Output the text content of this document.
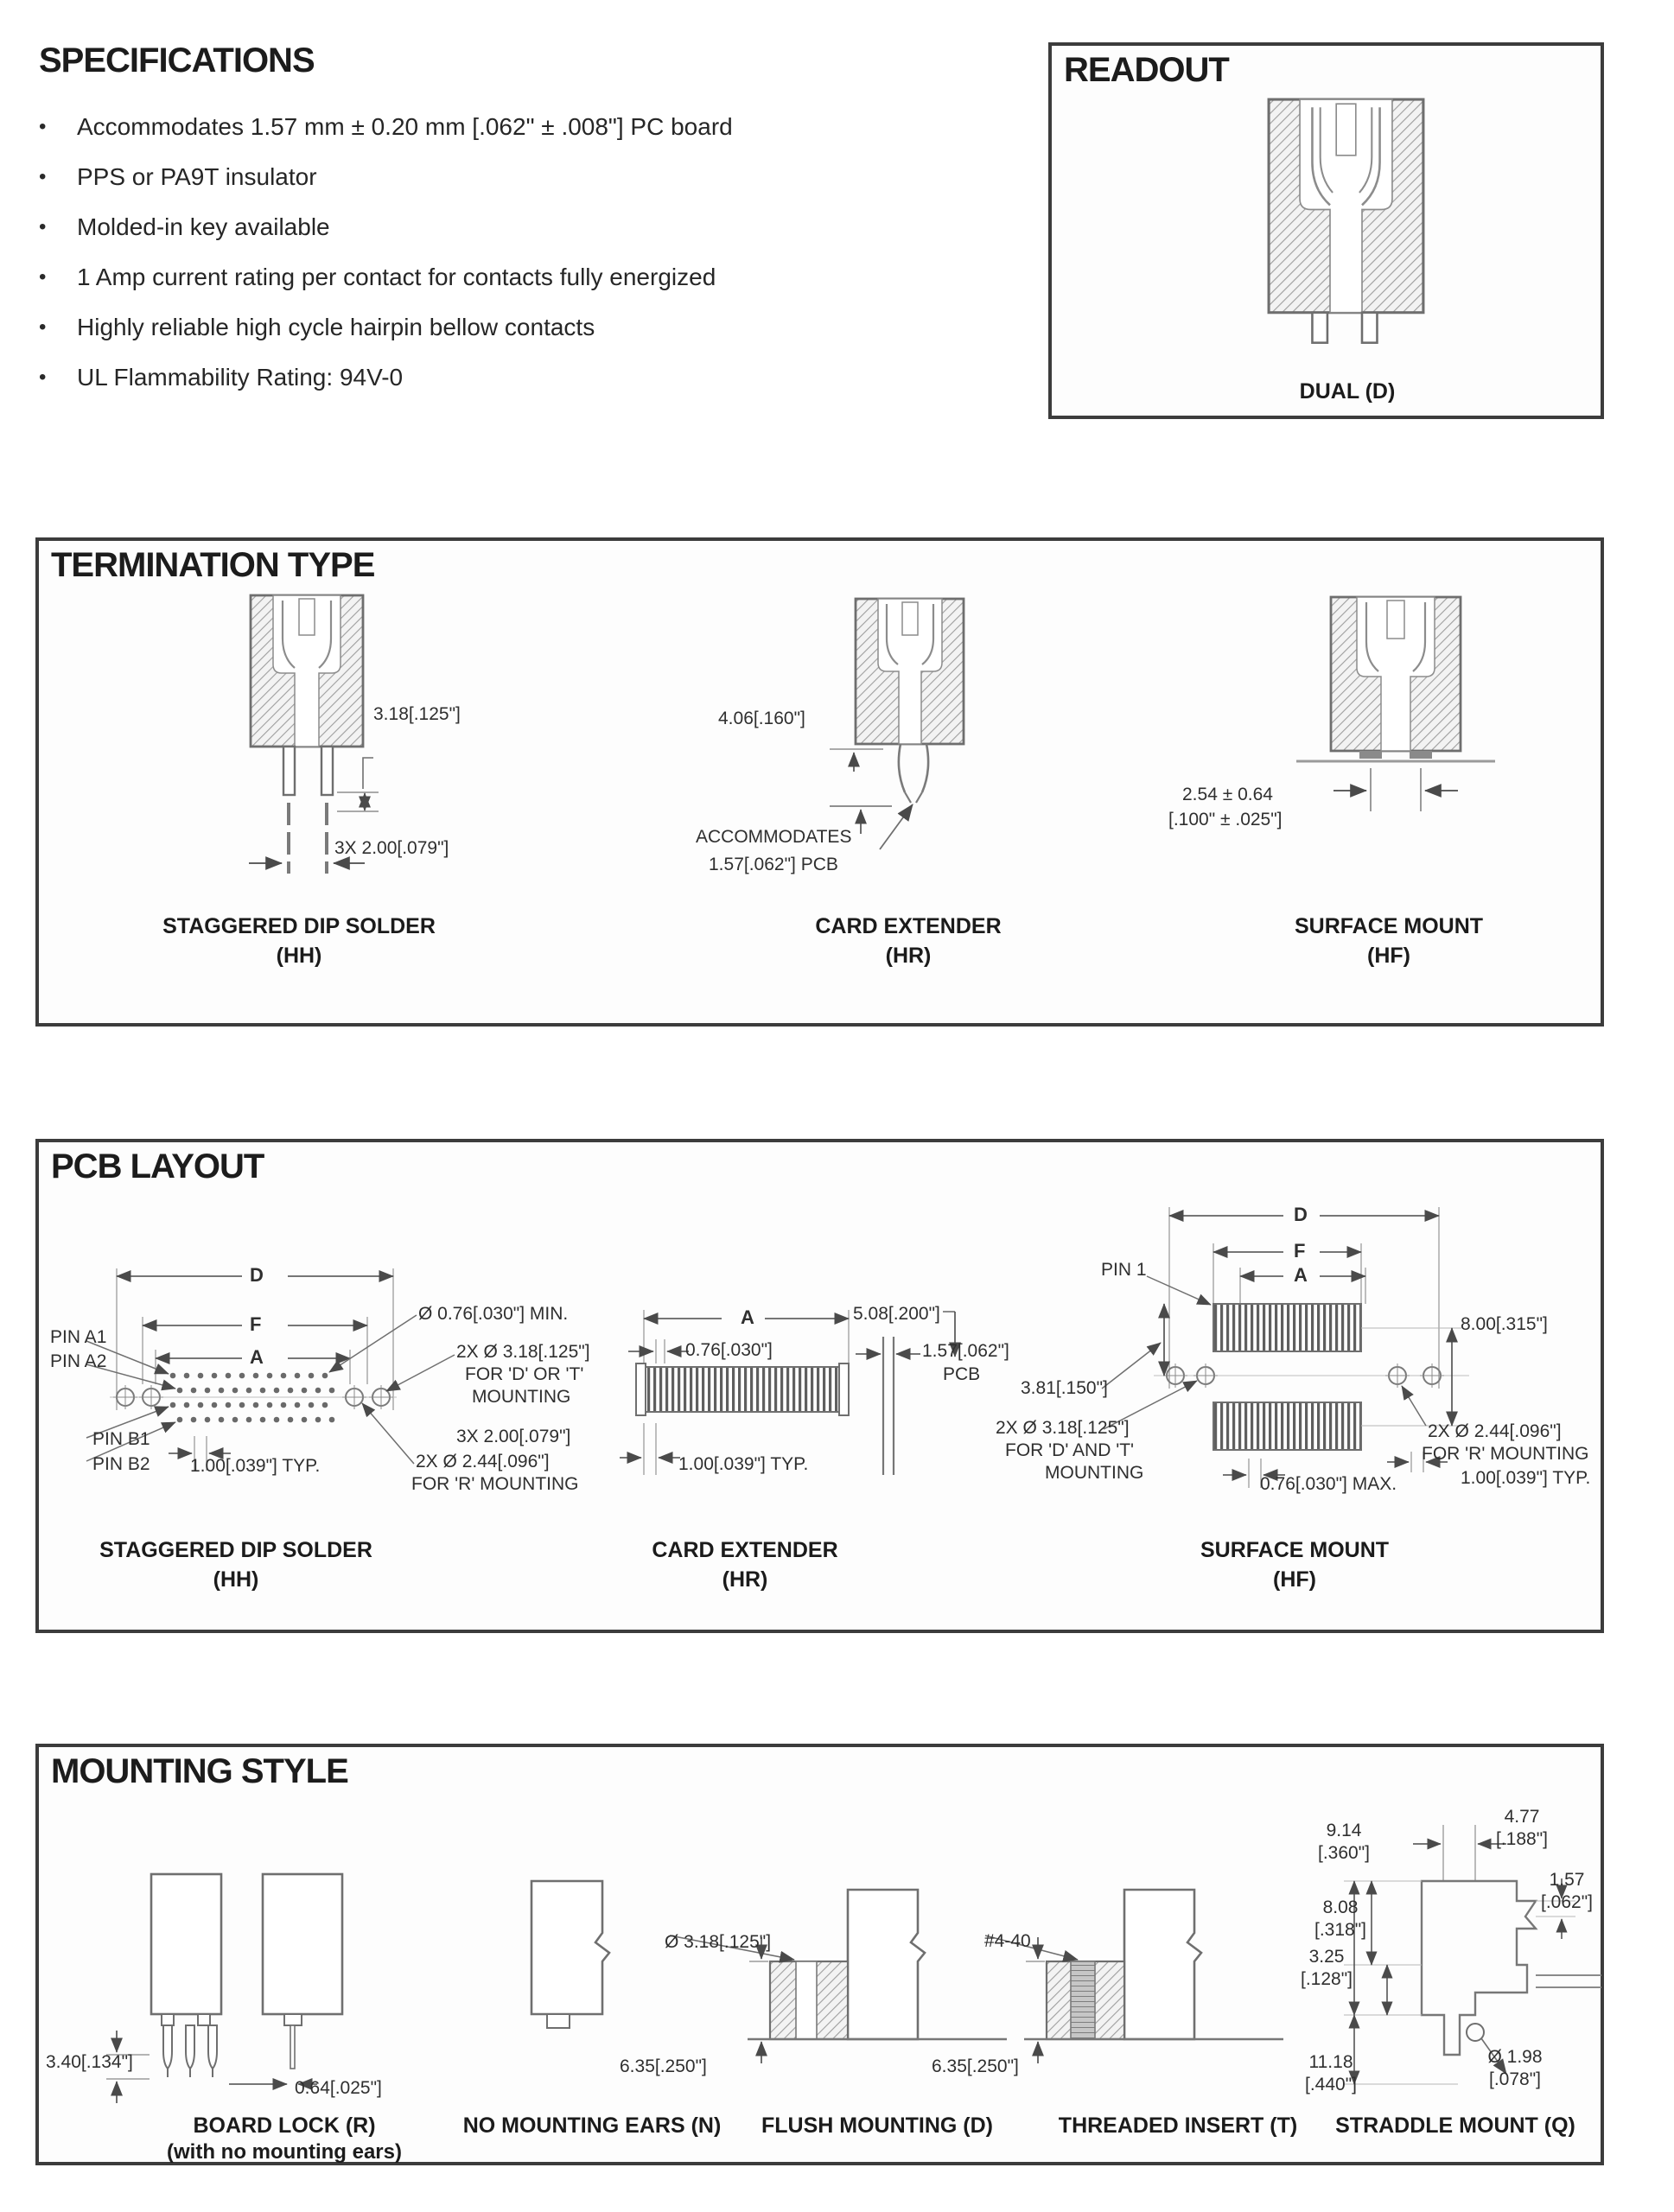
SPECIFICATIONS
•	Accommodates 1.57 mm ± 0.20 mm [.062" ± .008"] PC board
•	PPS or PA9T insulator
•	Molded-in key available
•	1 Amp current rating per contact for contacts fully energized
•	Highly reliable high cycle hairpin bellow contacts
•	UL Flammability Rating: 94V-0
READOUT
DUAL (D)
TERMINATION TYPE
3.18[.125"]
3X 2.00[.079"]
STAGGERED DIP SOLDER
(HH)
4.06[.160"]
ACCOMMODATES
1.57[.062"] PCB
CARD EXTENDER
(HR)
2.54 ± 0.64
[.100" ± .025"]
SURFACE MOUNT
(HF)
PCB LAYOUT
D
F
A
PIN A1
PIN A2
PIN B1
PIN B2
Ø 0.76[.030"] MIN.
2X Ø 3.18[.125"]
FOR 'D' OR 'T'
MOUNTING
3X 2.00[.079"]
2X Ø 2.44[.096"]
FOR 'R' MOUNTING
1.00[.039"] TYP.
STAGGERED DIP SOLDER
(HH)
A
0.76[.030"]
5.08[.200"]
1.57[.062"]
PCB
1.00[.039"] TYP.
CARD EXTENDER
(HR)
PIN 1
D
F
A
8.00[.315"]
3.81[.150"]
2X Ø 3.18[.125"]
FOR 'D' AND 'T'
MOUNTING
2X Ø 2.44[.096"]
FOR 'R' MOUNTING
1.00[.039"] TYP.
0.76[.030"] MAX.
SURFACE MOUNT
(HF)
MOUNTING STYLE
3.40[.134"]
0.64[.025"]
BOARD LOCK (R)
(with no mounting ears)
NO MOUNTING EARS (N)
Ø 3.18[.125"]
6.35[.250"]
FLUSH MOUNTING (D)
#4-40
6.35[.250"]
THREADED INSERT (T)
9.14
[.360"]
4.77
[.188"]
1.57
[.062"]
8.08
[.318"]
3.25
[.128"]
11.18
[.440"]
Ø 1.98
[.078"]
STRADDLE MOUNT (Q)
